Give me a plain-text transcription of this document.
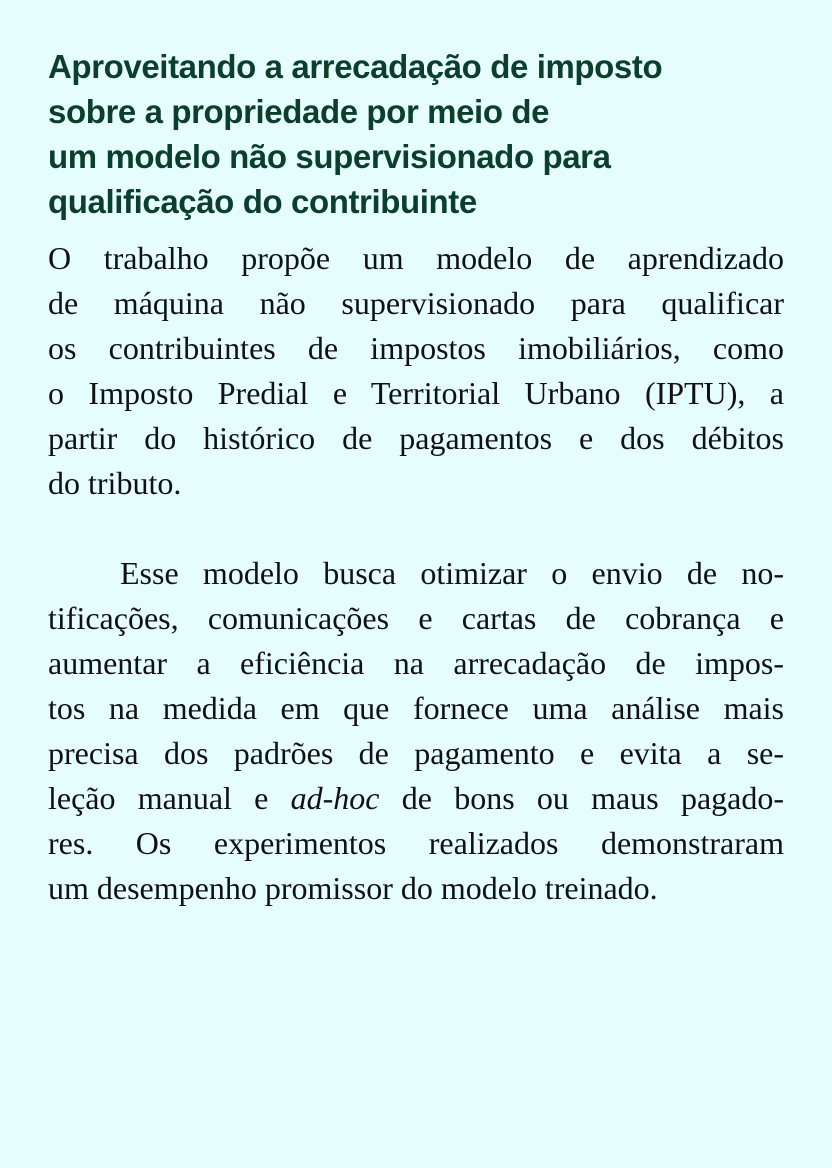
Aproveitando a arrecadação de imposto
sobre a propriedade por meio de
um modelo não supervisionado para
qualificação do contribuinte
O trabalho propõe um modelo de aprendizado
de máquina não supervisionado para qualificar
os contribuintes de impostos imobiliários, como
o Imposto Predial e Territorial Urbano (IPTU), a
partir do histórico de pagamentos e dos débitos
do tributo.
Esse modelo busca otimizar o envio de no-
tificações, comunicações e cartas de cobrança e
aumentar a eficiência na arrecadação de impos-
tos na medida em que fornece uma análise mais
precisa dos padrões de pagamento e evita a se-
leção manual e ad-hoc de bons ou maus pagado-
res. Os experimentos realizados demonstraram
um desempenho promissor do modelo treinado.
